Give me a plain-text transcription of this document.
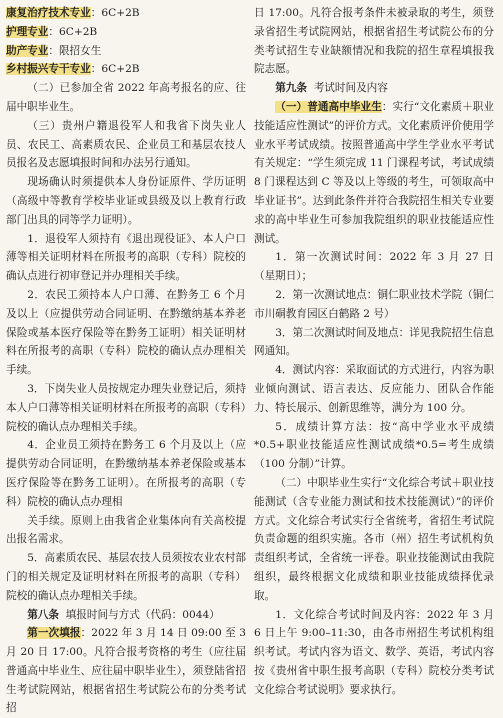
康复治疗技术专业：6C+2B

护理专业：6C+2B

助产专业：限招女生

乡村振兴专干专业：6C+2B

（二）已参加全省 2022 年高考报名的应、往届中职毕业生。

（三）贵州户籍退役军人和我省下岗失业人员、农民工、高素质农民、企业员工和基层农技人员报名及志愿填报时间和办法另行通知。

现场确认时须提供本人身份证原件、学历证明（高级中等教育学校毕业证或县级及以上教育行政部门出具的同等学力证明）。

1．退役军人须持有《退出现役证》、本人户口薄等相关证明材料在所报考的高职（专科）院校的确认点进行初审登记并办理相关手续。

2．农民工须持本人户口薄、在黔务工 6 个月及以上（应提供劳动合同证明、在黔缴纳基本养老保险或基本医疗保险等在黔务工证明）相关证明材料在所报考的高职（专科）院校的确认点办理相关手续。

3．下岗失业人员按规定办理失业登记后，须持本人户口薄等相关证明材料在所报考的高职（专科）院校的确认点办理相关手续。

4．企业员工须持在黔务工 6 个月及以上（应提供劳动合同证明，在黔缴纳基本养老保险或基本医疗保险等在黔务工证明）。在所报考的高职（专科）院校的确认点办理相

关手续。原则上由我省企业集体向有关高校提出报名需求。

5．高素质农民、基层农技人员须按农业农村部门的相关规定及证明材料在所报考的高职（专科）院校的确认点办理相关手续。

第八条 填报时间与方式（代码：0044）

第一次填报：2022 年 3 月 14 日 09:00 至 3 月 20 日 17:00。凡符合报考资格的考生（应往届普通高中毕业生、应往届中职毕业生），须登陆省招生考试院网站，根据省招生考试院公布的分类考试招

日 17:00。凡符合报考条件未被录取的考生，须登录省招生考试院网站，根据省招生考试院公布的分类考试招生专业缺额情况和我院的招生章程填报我院志愿。

第九条 考试时间及内容

（一）普通高中毕业生：实行“文化素质＋职业技能适应性测试”的评价方式。文化素质评价使用学业水平考试成绩。按照普通高中学生学业水平考试有关规定：“学生须完成 11 门课程考试，考试成绩 8 门课程达到 C 等及以上等级的考生，可领取高中毕业证书”。达到此条件并符合我院招生相关专业要求的高中毕业生可参加我院组织的职业技能适应性测试。

1．第一次测试时间：2022 年 3 月 27 日（星期日）；

2．第一次测试地点：铜仁职业技术学院（铜仁市川硐教育园区白鹤路 2 号）

3．第二次测试时间及地点：详见我院招生信息网通知。

4．测试内容：采取面试的方式进行，内容为职业倾向测试、语言表达、反应能力、团队合作能力、特长展示、创新思维等，满分为 100 分。

5．成绩计算方法：按“高中学业水平成绩*0.5+职业技能适应性测试成绩*0.5=考生成绩（100 分制）”计算。

（二）中职毕业生实行“文化综合考试＋职业技能测试（含专业能力测试和技术技能测试）”的评价方式。文化综合考试实行全省统考，省招生考试院负责命题的组织实施。各市（州）招生考试机构负责组织考试，全省统一评卷。职业技能测试由我院组织，最终根据文化成绩和职业技能成绩择优录取。

1．文化综合考试时间及内容：2022 年 3 月 6 日上午 9:00–11:30，由各市州招生考试机构组织考试。考试内容为语文、数学、英语，考试内容按《贵州省中职生报考高职（专科）院校分类考试文化综合考试说明》要求执行。
